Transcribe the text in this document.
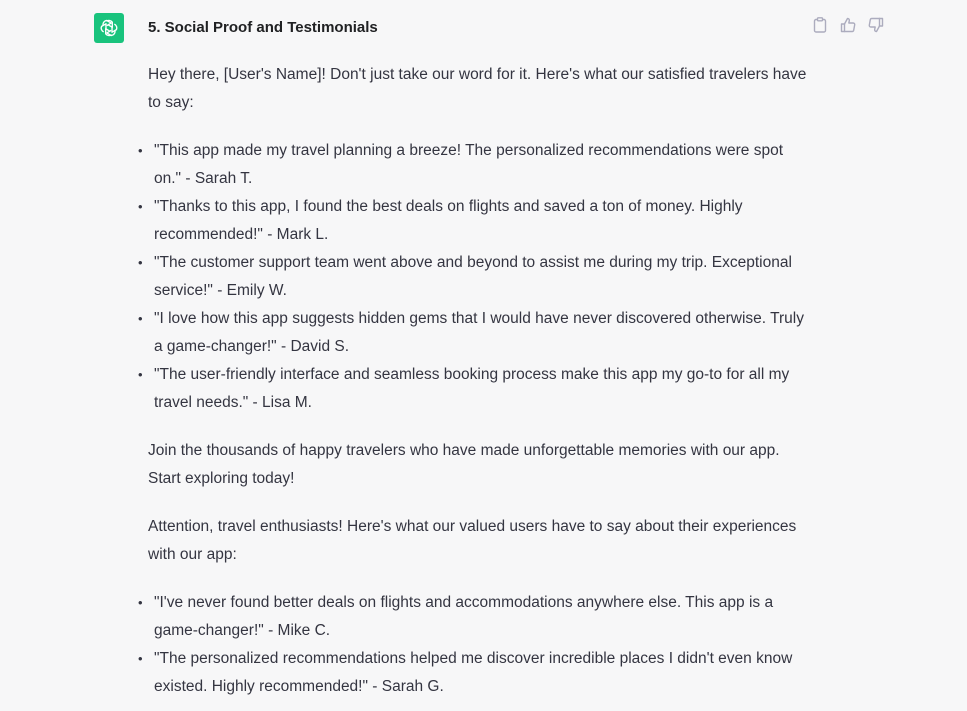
5. Social Proof and Testimonials

Hey there, [User's Name]! Don't just take our word for it. Here's what our satisfied travelers have to say:

• "This app made my travel planning a breeze! The personalized recommendations were spot on." - Sarah T.
• "Thanks to this app, I found the best deals on flights and saved a ton of money. Highly recommended!" - Mark L.
• "The customer support team went above and beyond to assist me during my trip. Exceptional service!" - Emily W.
• "I love how this app suggests hidden gems that I would have never discovered otherwise. Truly a game-changer!" - David S.
• "The user-friendly interface and seamless booking process make this app my go-to for all my travel needs." - Lisa M.

Join the thousands of happy travelers who have made unforgettable memories with our app. Start exploring today!

Attention, travel enthusiasts! Here's what our valued users have to say about their experiences with our app:

• "I've never found better deals on flights and accommodations anywhere else. This app is a game-changer!" - Mike C.
• "The personalized recommendations helped me discover incredible places I didn't even know existed. Highly recommended!" - Sarah G.
